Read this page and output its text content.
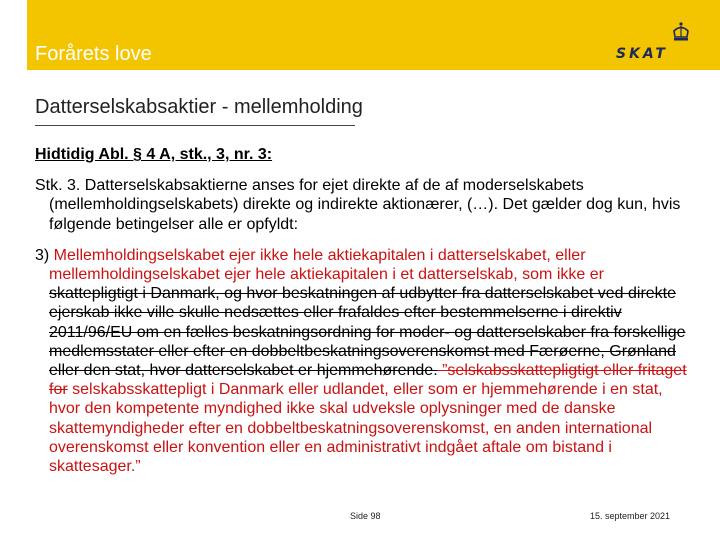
Forårets love	SKAT
Datterselskabsaktier - mellemholding
Hidtidig Abl. § 4 A, stk., 3, nr. 3:
Stk. 3. Datterselskabsaktierne anses for ejet direkte af de af moderselskabets (mellemholdingselskabets) direkte og indirekte aktionærer, (…). Det gælder dog kun, hvis følgende betingelser alle er opfyldt:
3) Mellemholdingselskabet ejer ikke hele aktiekapitalen i datterselskabet, eller mellemholdingselskabet ejer hele aktiekapitalen i et datterselskab, som ikke er skattepligtigt i Danmark, og hvor beskatningen af udbytter fra datterselskabet ved direkte ejerskab ikke ville skulle nedsættes eller frafaldes efter bestemmelserne i direktiv 2011/96/EU om en fælles beskatningsordning for moder- og datterselskaber fra forskellige medlemsstater eller efter en dobbeltbeskatningsoverenskomst med Færøerne, Grønland eller den stat, hvor datterselskabet er hjemmehørende. ”selskabsskattepligtigt eller fritaget for selskabsskattepligt i Danmark eller udlandet, eller som er hjemmehørende i en stat, hvor den kompetente myndighed ikke skal udveksle oplysninger med de danske skattemyndigheder efter en dobbeltbeskatningsoverenskomst, en anden international overenskomst eller konvention eller en administrativt indgået aftale om bistand i skattesager.”
Side 98	15. september 2021
